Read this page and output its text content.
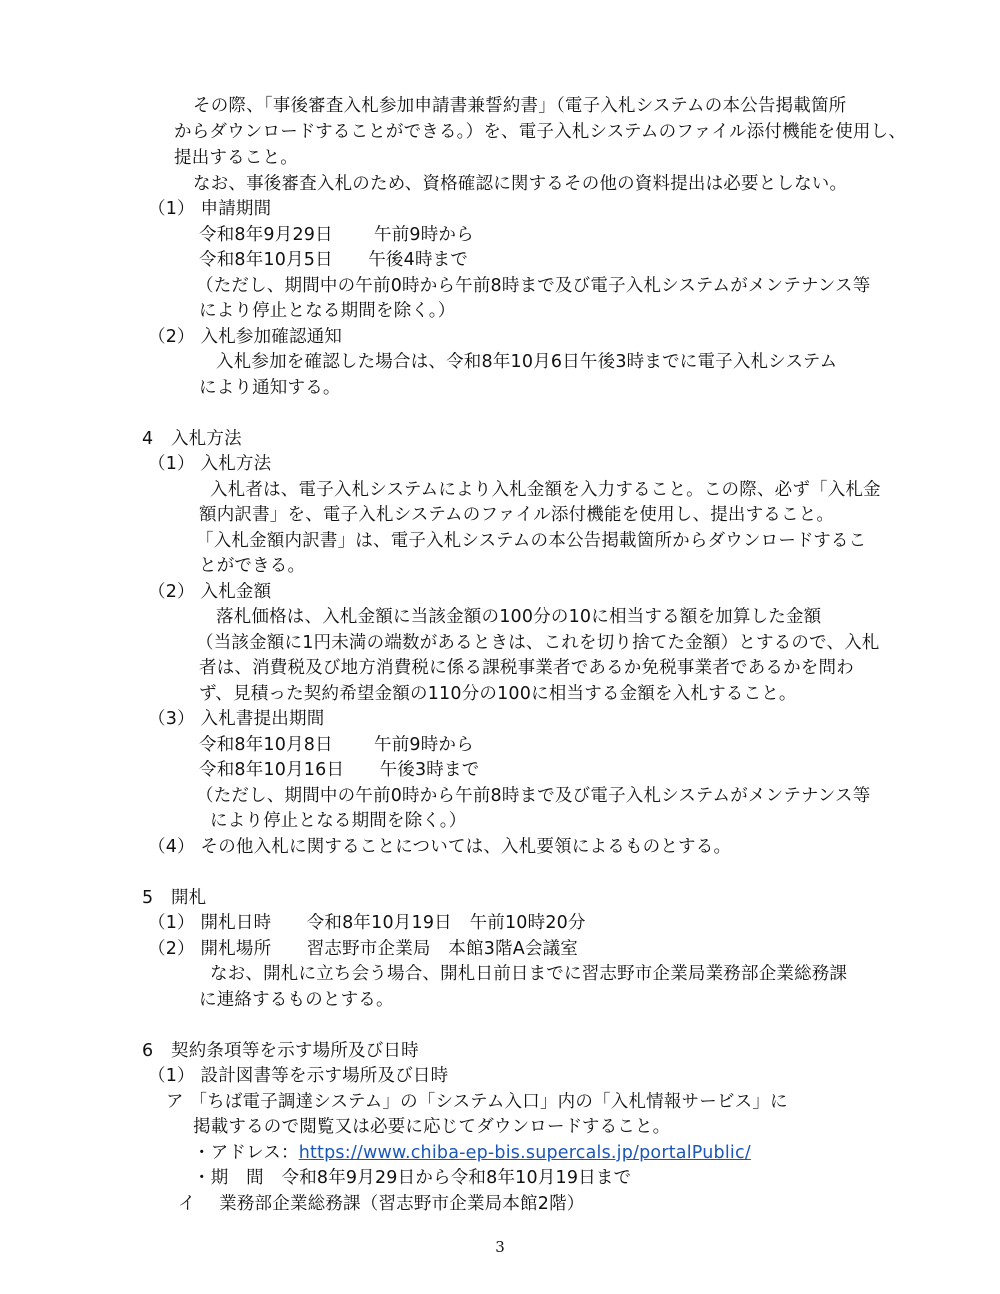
その際、「事後審査入札参加申請書兼誓約書」（電子入札システムの本公告掲載箇所
からダウンロードすることができる。）を、電子入札システムのファイル添付機能を使用し、
提出すること。
なお、事後審査入札のため、資格確認に関するその他の資料提出は必要としない。
（1） 申請期間
令和8年9月29日　　 午前9時から
令和8年10月5日　　午後4時まで
（ただし、期間中の午前0時から午前8時まで及び電子入札システムがメンテナンス等
により停止となる期間を除く。）
（2） 入札参加確認通知
入札参加を確認した場合は、令和8年10月6日午後3時までに電子入札システム
により通知する。
4　入札方法
（1） 入札方法
入札者は、電子入札システムにより入札金額を入力すること。この際、必ず「入札金
額内訳書」を、電子入札システムのファイル添付機能を使用し、提出すること。
「入札金額内訳書」は、電子入札システムの本公告掲載箇所からダウンロードするこ
とができる。
（2） 入札金額
落札価格は、入札金額に当該金額の100分の10に相当する額を加算した金額
（当該金額に1円未満の端数があるときは、これを切り捨てた金額）とするので、入札
者は、消費税及び地方消費税に係る課税事業者であるか免税事業者であるかを問わ
ず、見積った契約希望金額の110分の100に相当する金額を入札すること。
（3） 入札書提出期間
令和8年10月8日　　 午前9時から
令和8年10月16日　　午後3時まで
（ただし、期間中の午前0時から午前8時まで及び電子入札システムがメンテナンス等
により停止となる期間を除く。）
（4） その他入札に関することについては、入札要領によるものとする。
5　開札
（1） 開札日時　　令和8年10月19日　午前10時20分
（2） 開札場所　　習志野市企業局　本館3階A会議室
なお、開札に立ち会う場合、開札日前日までに習志野市企業局業務部企業総務課
に連絡するものとする。
6　契約条項等を示す場所及び日時
（1） 設計図書等を示す場所及び日時
ア 「ちば電子調達システム」の「システム入口」内の「入札情報サービス」に
掲載するので閲覧又は必要に応じてダウンロードすること。
・アドレス：https://www.chiba-ep-bis.supercals.jp/portalPublic/
・期　間　令和8年9月29日から令和8年10月19日まで
イ　 業務部企業総務課（習志野市企業局本館2階）
3
